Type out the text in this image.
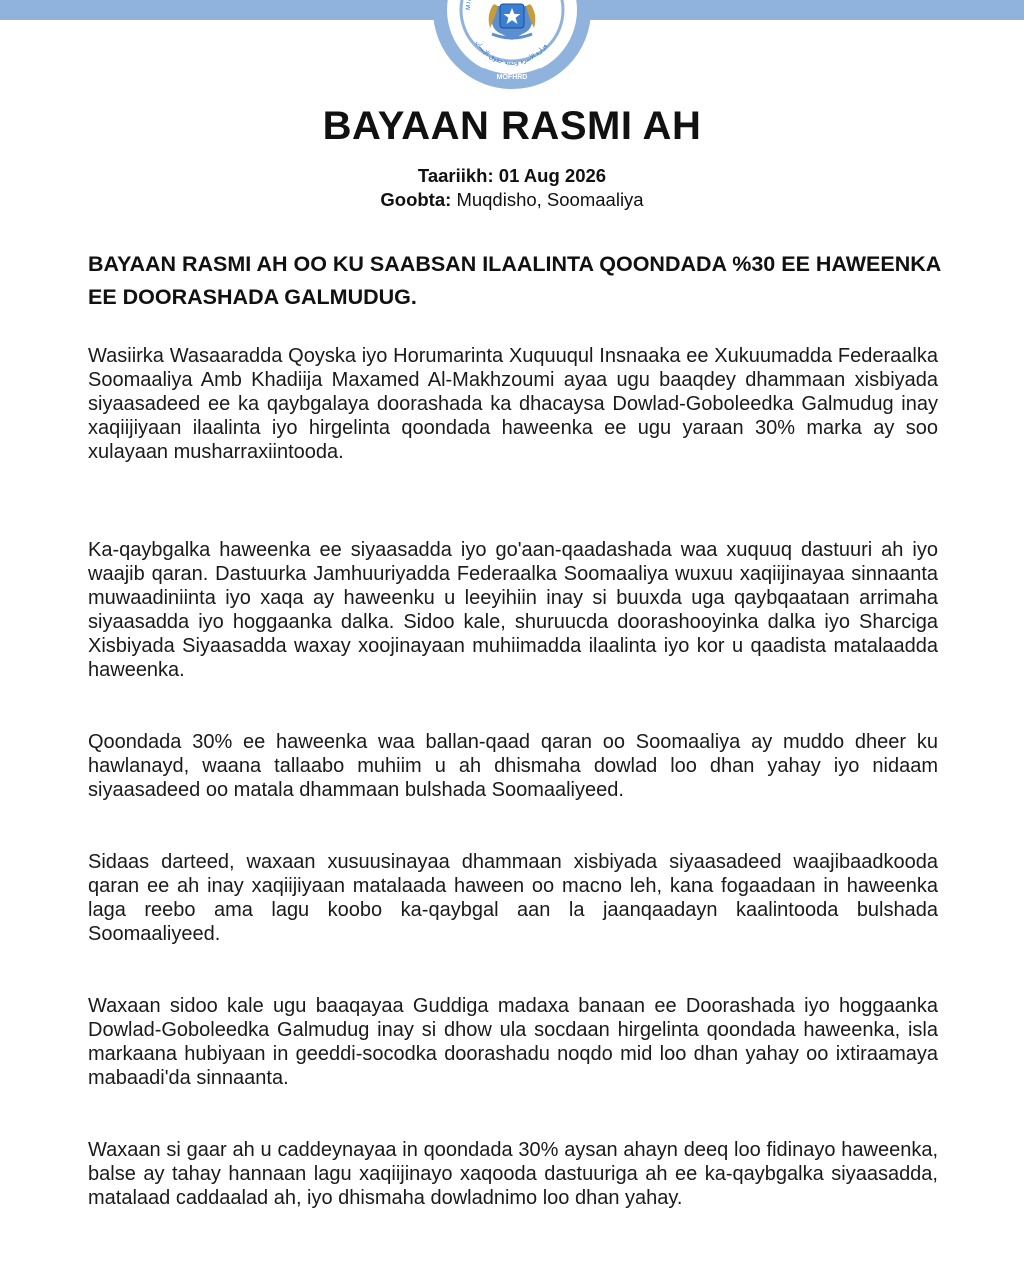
W	MI
وزارة الأسرة وتنمية حقوق الإنسان
MOFHRD
BAYAAN RASMI AH
Taariikh: 01 Aug 2026
Goobta: Muqdisho, Soomaaliya
BAYAAN RASMI AH OO KU SAABSAN ILAALINTA QOONDADA %30 EE HAWEENKA EE DOORASHADA GALMUDUG.

Wasiirka Wasaaradda Qoyska iyo Horumarinta Xuquuqul Insnaaka ee Xukuumadda Federaalka Soomaaliya Amb Khadiija Maxamed Al-Makhzoumi ayaa ugu baaqdey dhammaan xisbiyada siyaasadeed ee ka qaybgalaya doorashada ka dhacaysa Dowlad-Goboleedka Galmudug inay xaqiijiyaan ilaalinta iyo hirgelinta qoondada haweenka ee ugu yaraan 30% marka ay soo xulayaan musharraxiintooda.

Ka-qaybgalka haweenka ee siyaasadda iyo go'aan-qaadashada waa xuquuq dastuuri ah iyo waajib qaran. Dastuurka Jamhuuriyadda Federaalka Soomaaliya wuxuu xaqiijinayaa sinnaanta muwaadiniinta iyo xaqa ay haweenku u leeyihiin inay si buuxda uga qaybqaataan arrimaha siyaasadda iyo hoggaanka dalka. Sidoo kale, shuruucda doorashooyinka dalka iyo Sharciga Xisbiyada Siyaasadda waxay xoojinayaan muhiimadda ilaalinta iyo kor u qaadista matalaadda haweenka.

Qoondada 30% ee haweenka waa ballan-qaad qaran oo Soomaaliya ay muddo dheer ku hawlanayd, waana tallaabo muhiim u ah dhismaha dowlad loo dhan yahay iyo nidaam siyaasadeed oo matala dhammaan bulshada Soomaaliyeed.

Sidaas darteed, waxaan xusuusinayaa dhammaan xisbiyada siyaasadeed waajibaadkooda qaran ee ah inay xaqiijiyaan matalaada haween oo macno leh, kana fogaadaan in haweenka laga reebo ama lagu koobo ka-qaybgal aan la jaanqaadayn kaalintooda bulshada Soomaaliyeed.

Waxaan sidoo kale ugu baaqayaa Guddiga madaxa banaan ee Doorashada iyo hoggaanka Dowlad-Goboleedka Galmudug inay si dhow ula socdaan hirgelinta qoondada haweenka, isla markaana hubiyaan in geeddi-socodka doorashadu noqdo mid loo dhan yahay oo ixtiraamaya mabaadi'da sinnaanta.

Waxaan si gaar ah u caddeynayaa in qoondada 30% aysan ahayn deeq loo fidinayo haweenka, balse ay tahay hannaan lagu xaqiijinayo xaqooda dastuuriga ah ee ka-qaybgalka siyaasadda, matalaad caddaalad ah, iyo dhismaha dowladnimo loo dhan yahay.
